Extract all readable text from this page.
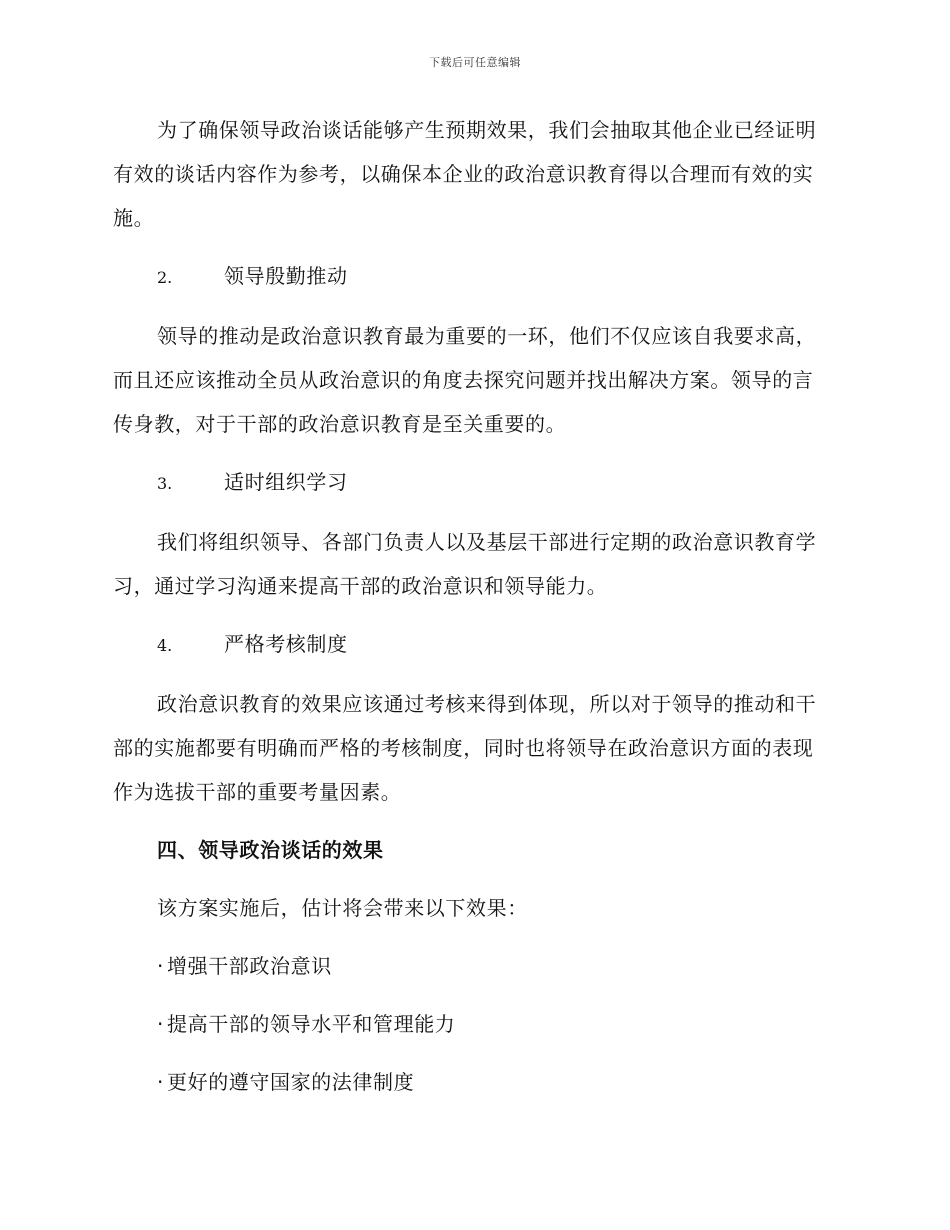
下载后可任意编辑

为了确保领导政治谈话能够产生预期效果，我们会抽取其他企业已经证明有效的谈话内容作为参考，以确保本企业的政治意识教育得以合理而有效的实施。

2.	领导殷勤推动

领导的推动是政治意识教育最为重要的一环，他们不仅应该自我要求高，而且还应该推动全员从政治意识的角度去探究问题并找出解决方案。领导的言传身教，对于干部的政治意识教育是至关重要的。

3.	适时组织学习

我们将组织领导、各部门负责人以及基层干部进行定期的政治意识教育学习，通过学习沟通来提高干部的政治意识和领导能力。

4.	严格考核制度

政治意识教育的效果应该通过考核来得到体现，所以对于领导的推动和干部的实施都要有明确而严格的考核制度，同时也将领导在政治意识方面的表现作为选拔干部的重要考量因素。

四、领导政治谈话的效果

该方案实施后，估计将会带来以下效果：

· 增强干部政治意识

· 提高干部的领导水平和管理能力

· 更好的遵守国家的法律制度
